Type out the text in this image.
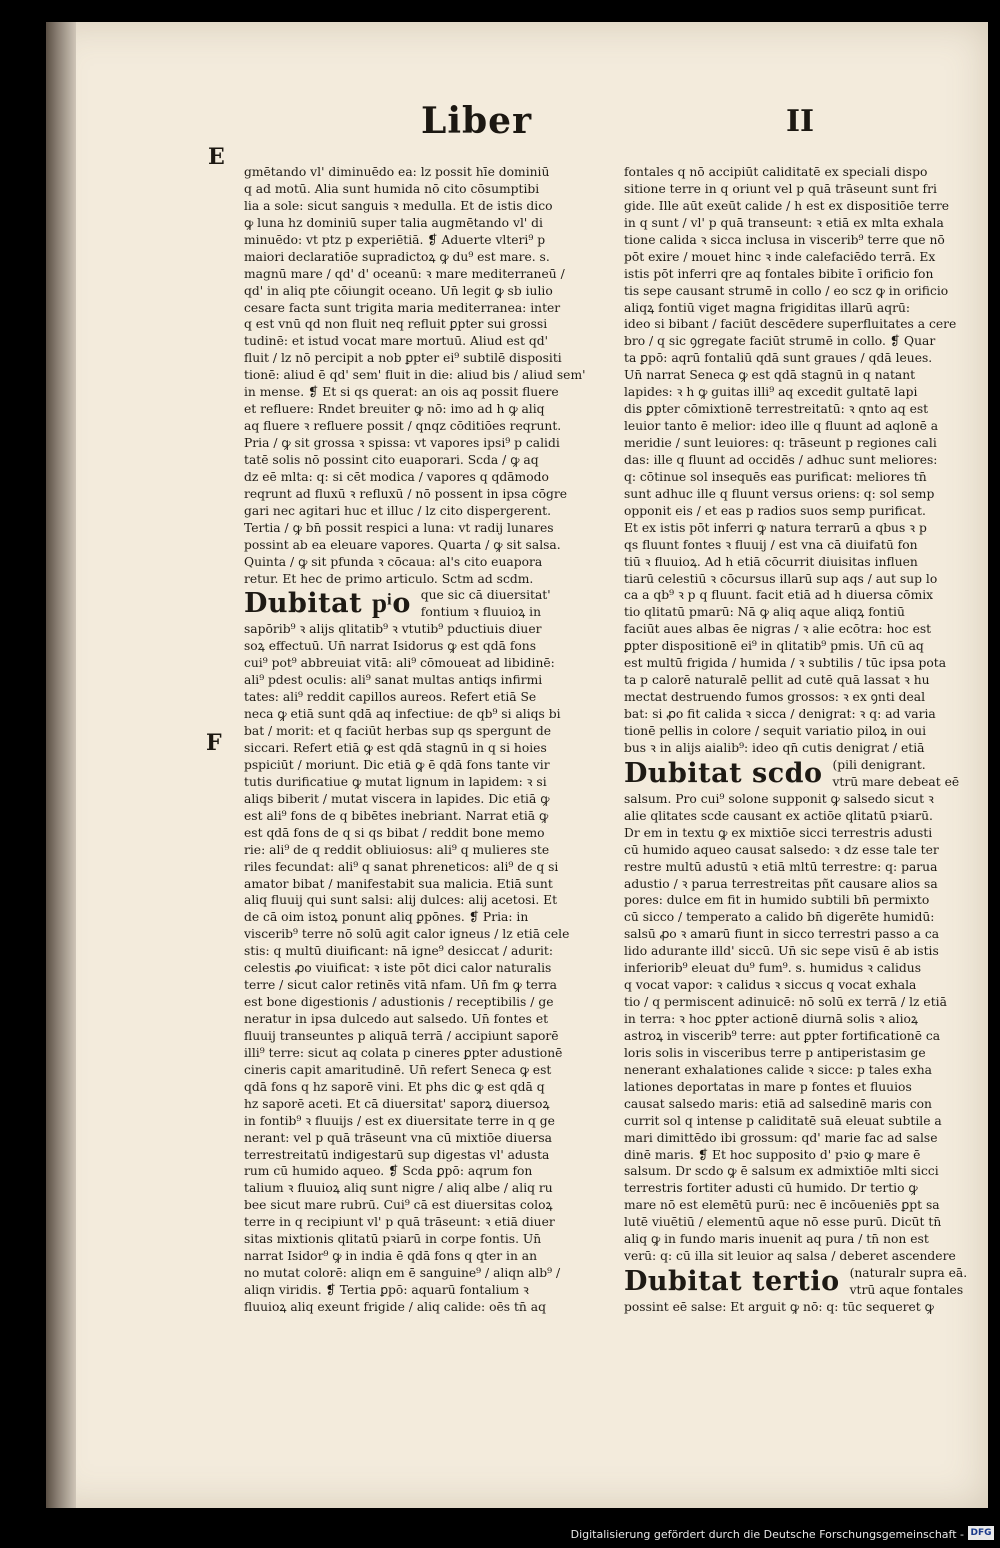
Liber	II
E
F
gmētando vl' diminuēdo ea: lz possit hīe dominiū
q ad motū. Alia sunt humida nō cito cōsumptibi
lia a sole: sicut sanguis ꝛ medulla. Et de istis dico
ꝙ luna hz dominiū super talia augmētando vl' di
minuēdo: vt ptz p experiētiā. ❡ Aduerte vlteri⁹ p
maiori declaratiōe supradictoꝝ ꝙ du⁹ est mare. s.
magnū mare / qd' d' oceanū: ꝛ mare mediterraneū /
qd' in aliq pte cōiungit oceano. Un̄ legit ꝙ sb iulio
cesare facta sunt trigita maria mediterranea: inter
q est vnū qd non fluit neq refluit ꝑpter sui grossi
tudinē: et istud vocat mare mortuū. Aliud est qd'
fluit / lz nō percipit a nob ꝑpter ei⁹ subtilē dispositi
tionē: aliud ē qd' sem' fluit in die: aliud bis / aliud sem'
in mense. ❡ Et si qs querat: an ois aq possit fluere
et refluere: Rndet breuiter ꝙ nō: imo ad h ꝙ aliq
aq fluere ꝛ refluere possit / qnqz cōditiōes reqrunt.
Pria / ꝙ sit grossa ꝛ spissa: vt vapores ipsi⁹ p calidi
tatē solis nō possint cito euaporari. Scda / ꝙ aq
dz eē mlta: q: si cēt modica / vapores q qdāmodo
reqrunt ad fluxū ꝛ refluxū / nō possent in ipsa cōgre
gari nec agitari huc et illuc / lz cito dispergerent.
Tertia / ꝙ bn̄ possit respici a luna: vt radij lunares
possint ab ea eleuare vapores. Quarta / ꝙ sit salsa.
Quinta / ꝙ sit pfunda ꝛ cōcaua: al's cito euapora
retur. Et hec de primo articulo. Sctm ad scdm.
Dubitat pͥo que sic cā diuersitat'
fontium ꝛ fluuioꝝ in
sapōrib⁹ ꝛ alijs qlitatib⁹ ꝛ vtutib⁹ pductiuis diuer
soꝝ effectuū. Un̄ narrat Isidorus ꝙ est qdā fons
cui⁹ pot⁹ abbreuiat vitā: ali⁹ cōmoueat ad libidinē:
ali⁹ pdest oculis: ali⁹ sanat multas antiqs infirmi
tates: ali⁹ reddit capillos aureos. Refert etiā Se
neca ꝙ etiā sunt qdā aq infectiue: de qb⁹ si aliqs bi
bat / morit: et q faciūt herbas sup qs spergunt de
siccari. Refert etiā ꝙ est qdā stagnū in q si hoies
pspiciūt / moriunt. Dic etiā ꝙ ē qdā fons tante vir
tutis durificatiue ꝙ mutat lignum in lapidem: ꝛ si
aliqs biberit / mutat viscera in lapides. Dic etiā ꝙ
est ali⁹ fons de q bibētes inebriant. Narrat etiā ꝙ
est qdā fons de q si qs bibat / reddit bone memo
rie: ali⁹ de q reddit obliuiosus: ali⁹ q mulieres ste
riles fecundat: ali⁹ q sanat phreneticos: ali⁹ de q si
amator bibat / manifestabit sua malicia. Etiā sunt
aliq fluuij qui sunt salsi: alij dulces: alij acetosi. Et
de cā oim istoꝝ ponunt aliq ꝑpōnes. ❡ Pria: in
viscerib⁹ terre nō solū agit calor igneus / lz etiā cele
stis: q multū diuificant: nā igne⁹ desiccat / adurit:
celestis ꝓo viuificat: ꝛ iste pōt dici calor naturalis
terre / sicut calor retinēs vitā nfam. Un̄ fm ꝙ terra
est bone digestionis / adustionis / receptibilis / ge
neratur in ipsa dulcedo aut salsedo. Un̄ fontes et
fluuij transeuntes p aliquā terrā / accipiunt saporē
illi⁹ terre: sicut aq colata p cineres ꝑpter adustionē
cineris capit amaritudinē. Un̄ refert Seneca ꝙ est
qdā fons q hz saporē vini. Et phs dic ꝙ est qdā q
hz saporē aceti. Et cā diuersitat' saporꝝ diuersoꝝ
in fontib⁹ ꝛ fluuijs / est ex diuersitate terre in q ge
nerant: vel p quā trāseunt vna cū mixtiōe diuersa
terrestreitatū indigestarū sup digestas vl' adusta
rum cū humido aqueo. ❡ Scda ꝑpō: aqrum fon
talium ꝛ fluuioꝝ aliq sunt nigre / aliq albe / aliq ru
bee sicut mare rubrū. Cui⁹ cā est diuersitas coloꝝ
terre in q recipiunt vl' p quā trāseunt: ꝛ etiā diuer
sitas mixtionis qlitatū pꝛiarū in corpe fontis. Un̄
narrat Isidor⁹ ꝙ in india ē qdā fons q qter in an
no mutat colorē: aliqn em ē sanguine⁹ / aliqn alb⁹ /
aliqn viridis. ❡ Tertia ꝑpō: aquarū fontalium ꝛ
fluuioꝝ aliq exeunt frigide / aliq calide: oēs tn̄ aq
fontales q nō accipiūt caliditatē ex speciali dispo
sitione terre in q oriunt vel p quā trāseunt sunt fri
gide. Ille aūt exeūt calide / h est ex dispositiōe terre
in q sunt / vl' p quā transeunt: ꝛ etiā ex mlta exhala
tione calida ꝛ sicca inclusa in viscerib⁹ terre que nō
pōt exire / mouet hinc ꝛ inde calefaciēdo terrā. Ex
istis pōt inferri qre aq fontales bibite ī orificio fon
tis sepe causant strumē in collo / eo scz ꝙ in orificio
aliqꝝ fontiū viget magna frigiditas illarū aqrū:
ideo si bibant / faciūt descēdere superfluitates a cere
bro / q sic ꝯgregate faciūt strumē in collo. ❡ Quar
ta ꝑpō: aqrū fontaliū qdā sunt graues / qdā leues.
Un̄ narrat Seneca ꝙ est qdā stagnū in q natant
lapides: ꝛ h ꝙ guitas illi⁹ aq excedit gultatē lapi
dis ꝑpter cōmixtionē terrestreitatū: ꝛ qnto aq est
leuior tanto ē melior: ideo ille q fluunt ad aqlonē a
meridie / sunt leuiores: q: trāseunt p regiones cali
das: ille q fluunt ad occidēs / adhuc sunt meliores:
q: cōtinue sol insequēs eas purificat: meliores tn̄
sunt adhuc ille q fluunt versus oriens: q: sol semp
opponit eis / et eas p radios suos semp purificat.
Et ex istis pōt inferri ꝙ natura terrarū a qbus ꝛ p
qs fluunt fontes ꝛ fluuij / est vna cā diuifatū fon
tiū ꝛ fluuioꝝ. Ad h etiā cōcurrit diuisitas influen
tiarū celestiū ꝛ cōcursus illarū sup aqs / aut sup lo
ca a qb⁹ ꝛ p q fluunt. facit etiā ad h diuersa cōmix
tio qlitatū pmarū: Nā ꝙ aliq aque aliqꝝ fontiū
faciūt aues albas ēe nigras / ꝛ alie ecōtra: hoc est
ꝑpter dispositionē ei⁹ in qlitatib⁹ pmis. Un̄ cū aq
est multū frigida / humida / ꝛ subtilis / tūc ipsa pota
ta p calorē naturalē pellit ad cutē quā lassat ꝛ hu
mectat destruendo fumos grossos: ꝛ ex ꝯnti deal
bat: si ꝓo fit calida ꝛ sicca / denigrat: ꝛ q: ad varia
tionē pellis in colore / sequit variatio piloꝝ in oui
bus ꝛ in alijs aialib⁹: ideo qn̄ cutis denigrat / etiā
Dubitat scdo (pili denigrant.
vtrū mare debeat eē
salsum. Pro cui⁹ solone supponit ꝙ salsedo sicut ꝛ
alie qlitates scde causant ex actiōe qlitatū pꝛiarū.
Dr em in textu ꝙ ex mixtiōe sicci terrestris adusti
cū humido aqueo causat salsedo: ꝛ dz esse tale ter
restre multū adustū ꝛ etiā mltū terrestre: q: parua
adustio / ꝛ parua terrestreitas pñt causare alios sa
pores: dulce em fit in humido subtili bn̄ permixto
cū sicco / temperato a calido bn̄ digerēte humidū:
salsū ꝓo ꝛ amarū fiunt in sicco terrestri passo a ca
lido adurante illd' siccū. Un̄ sic sepe visū ē ab istis
inferiorib⁹ eleuat du⁹ fum⁹. s. humidus ꝛ calidus
q vocat vapor: ꝛ calidus ꝛ siccus q vocat exhala
tio / q permiscent adinuicē: nō solū ex terrā / lz etiā
in terra: ꝛ hoc ꝑpter actionē diurnā solis ꝛ alioꝝ
astroꝝ in viscerib⁹ terre: aut ꝑpter fortificationē ca
loris solis in visceribus terre p antiperistasim ge
nenerant exhalationes calide ꝛ sicce: p tales exha
lationes deportatas in mare p fontes et fluuios
causat salsedo maris: etiā ad salsedinē maris con
currit sol q intense p caliditatē suā eleuat subtile a
mari dimittēdo ibi grossum: qd' marie fac ad salse
dinē maris. ❡ Et hoc supposito d' pꝛio ꝙ mare ē
salsum. Dr scdo ꝙ ē salsum ex admixtiōe mlti sicci
terrestris fortiter adusti cū humido. Dr tertio ꝙ
mare nō est elemētū purū: nec ē incōueniēs ꝑpt sa
lutē viuētiū / elementū aque nō esse purū. Dicūt tn̄
aliq ꝙ in fundo maris inuenit aq pura / tn̄ non est
verū: q: cū illa sit leuior aq salsa / deberet ascendere
Dubitat tertio (naturalr supra eā.
vtrū aque fontales
possint eē salse: Et arguit ꝙ nō: q: tūc sequeret ꝙ
Digitalisierung gefördert durch die Deutsche Forschungsgemeinschaft - DFG
